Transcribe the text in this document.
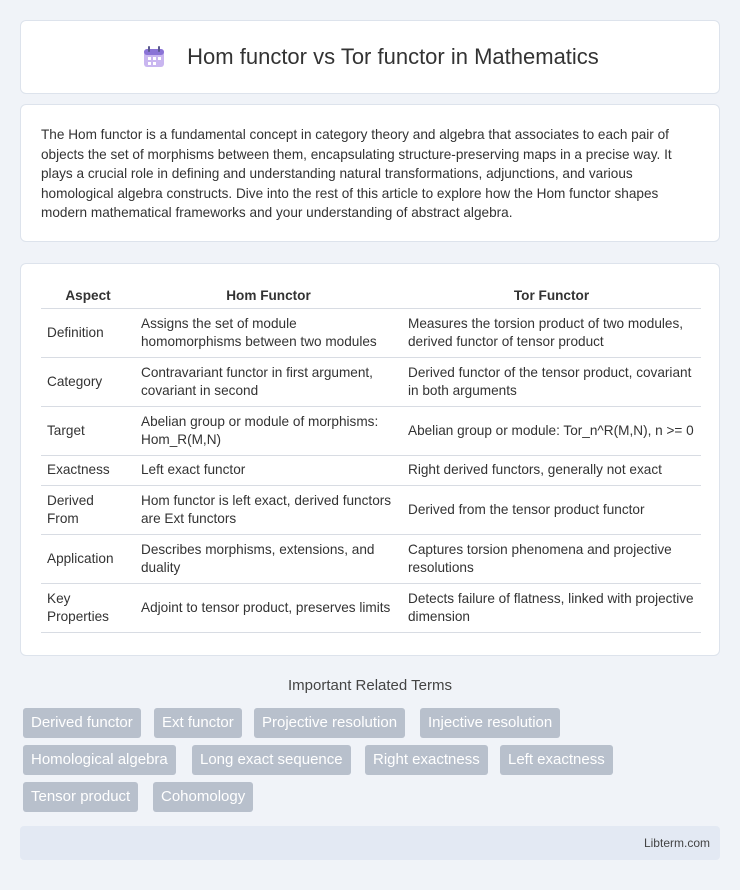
Hom functor vs Tor functor in Mathematics

The Hom functor is a fundamental concept in category theory and algebra that associates to each pair of objects the set of morphisms between them, encapsulating structure-preserving maps in a precise way. It plays a crucial role in defining and understanding natural transformations, adjunctions, and various homological algebra constructs. Dive into the rest of this article to explore how the Hom functor shapes modern mathematical frameworks and your understanding of abstract algebra.

Aspect	Hom Functor	Tor Functor
Definition	Assigns the set of module homomorphisms between two modules	Measures the torsion product of two modules, derived functor of tensor product
Category	Contravariant functor in first argument, covariant in second	Derived functor of the tensor product, covariant in both arguments
Target	Abelian group or module of morphisms: Hom_R(M,N)	Abelian group or module: Tor_n^R(M,N), n >= 0
Exactness	Left exact functor	Right derived functors, generally not exact
Derived From	Hom functor is left exact, derived functors are Ext functors	Derived from the tensor product functor
Application	Describes morphisms, extensions, and duality	Captures torsion phenomena and projective resolutions
Key Properties	Adjoint to tensor product, preserves limits	Detects failure of flatness, linked with projective dimension
Important Related Terms
Derived functor	Ext functor	Projective resolution	Injective resolution
Homological algebra	Long exact sequence	Right exactness	Left exactness
Tensor product	Cohomology
Libterm.com
